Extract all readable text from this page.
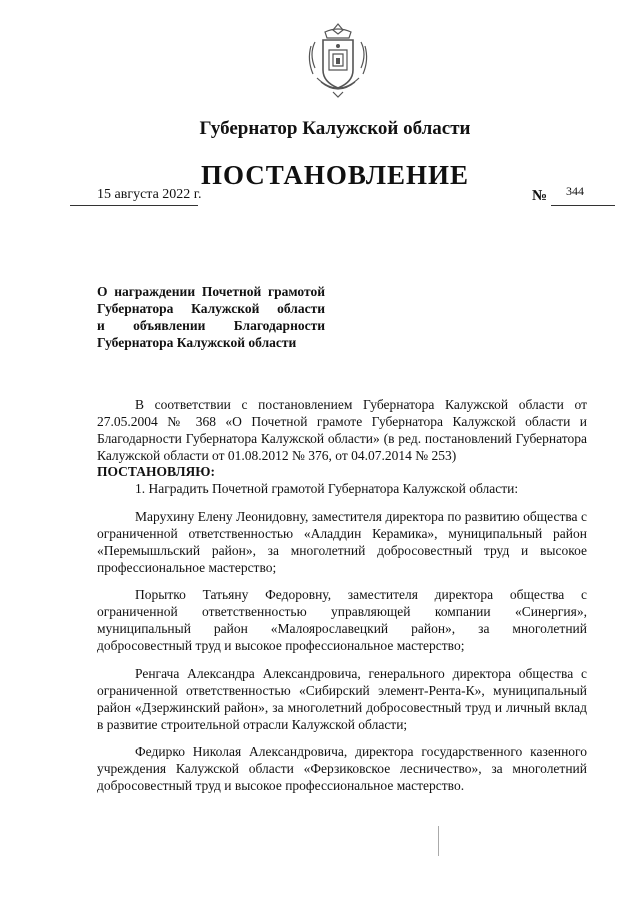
Губернатор Калужской области
ПОСТАНОВЛЕНИЕ
15 августа 2022 г.	№ 344
О награждении Почетной грамотой
Губернатора Калужской области
и объявлении Благодарности
Губернатора Калужской области
В соответствии с постановлением Губернатора Калужской области от 27.05.2004 № 368 «О Почетной грамоте Губернатора Калужской области и Благодарности Губернатора Калужской области» (в ред. постановлений Губернатора Калужской области от 01.08.2012 № 376, от 04.07.2014 № 253)
ПОСТАНОВЛЯЮ:
1. Наградить Почетной грамотой Губернатора Калужской области:
Марухину Елену Леонидовну, заместителя директора по развитию общества с ограниченной ответственностью «Аладдин Керамика», муниципальный район «Перемышльский район», за многолетний добросовестный труд и высокое профессиональное мастерство;
Порытко Татьяну Федоровну, заместителя директора общества с ограниченной ответственностью управляющей компании «Синергия», муниципальный район «Малоярославецкий район», за многолетний добросовестный труд и высокое профессиональное мастерство;
Ренгача Александра Александровича, генерального директора общества с ограниченной ответственностью «Сибирский элемент-Рента-К», муниципальный район «Дзержинский район», за многолетний добросовестный труд и личный вклад в развитие строительной отрасли Калужской области;
Федирко Николая Александровича, директора государственного казенного учреждения Калужской области «Ферзиковское лесничество», за многолетний добросовестный труд и высокое профессиональное мастерство.
